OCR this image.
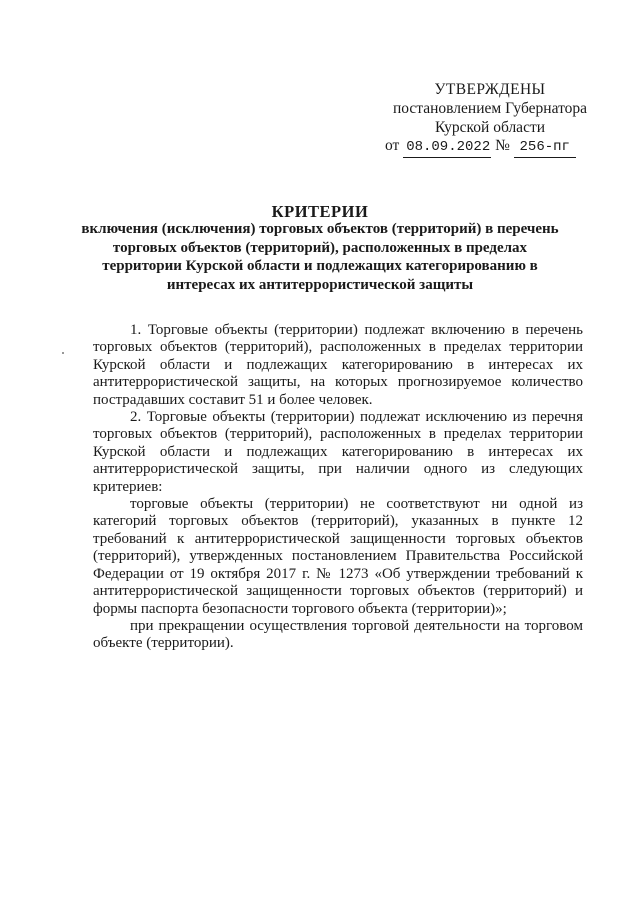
УТВЕРЖДЕНЫ
постановлением Губернатора
Курской области
от 08.09.2022 № 256-пг
КРИТЕРИИ
включения (исключения) торговых объектов (территорий) в перечень торговых объектов (территорий), расположенных в пределах территории Курской области и подлежащих категорированию в интересах их антитеррористической защиты

1. Торговые объекты (территории) подлежат включению в перечень торговых объектов (территорий), расположенных в пределах территории Курской области и подлежащих категорированию в интересах их антитеррористической защиты, на которых прогнозируемое количество пострадавших составит 51 и более человек.

2. Торговые объекты (территории) подлежат исключению из перечня торговых объектов (территорий), расположенных в пределах территории Курской области и подлежащих категорированию в интересах их антитеррористической защиты, при наличии одного из следующих критериев:

торговые объекты (территории) не соответствуют ни одной из категорий торговых объектов (территорий), указанных в пункте 12 требований к антитеррористической защищенности торговых объектов (территорий), утвержденных постановлением Правительства Российской Федерации от 19 октября 2017 г. № 1273 «Об утверждении требований к антитеррористической защищенности торговых объектов (территорий) и формы паспорта безопасности торгового объекта (территории)»;

при прекращении осуществления торговой деятельности на торговом объекте (территории).
